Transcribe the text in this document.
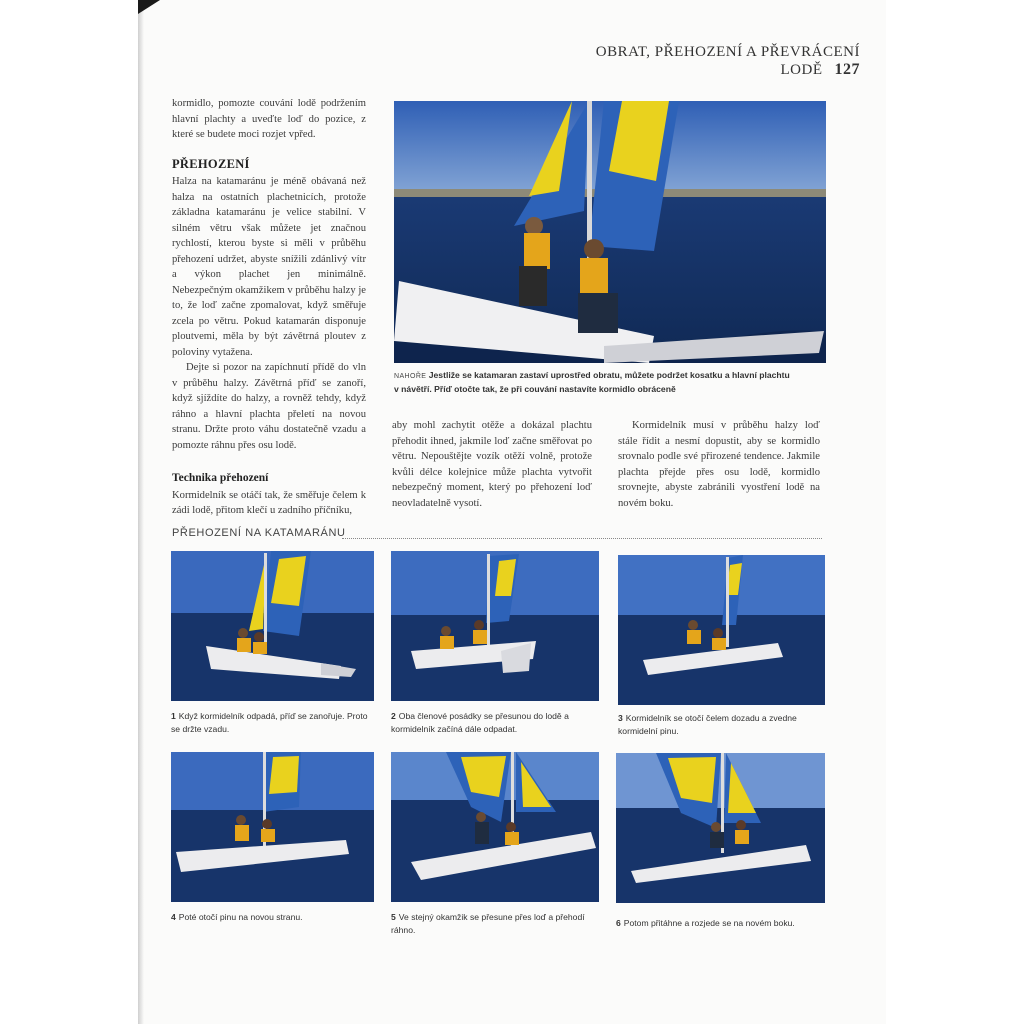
OBRAT, PŘEHOZENÍ A PŘEVRÁCENÍ LODĚ 127

kormidlo, pomozte couvání lodě podržením hlavní plachty a uveďte loď do pozice, z které se budete moci rozjet vpřed.

PŘEHOZENÍ

Halza na katamaránu je méně obávaná než halza na ostatních plachetnicích, protože základna katamaránu je velice stabilní. V silném větru však můžete jet značnou rychlostí, kterou byste si měli v průběhu přehození udržet, abyste snížili zdánlivý vítr a výkon plachet jen minimálně. Nebezpečným okamžikem v průběhu halzy je to, že loď začne zpomalovat, když směřuje zcela po větru. Pokud katamarán disponuje ploutvemi, měla by být závětrná ploutev z poloviny vytažena.

Dejte si pozor na zapíchnutí přídě do vln v průběhu halzy. Závětrná příď se zanoří, když sjíždíte do halzy, a rovněž tehdy, když ráhno a hlavní plachta přeletí na novou stranu. Držte proto váhu dostatečně vzadu a pomozte ráhnu přes osu lodě.

Technika přehození

Kormidelník se otáčí tak, že směřuje čelem k zádi lodě, přitom klečí u zadního příčníku,

NAHOŘE Jestliže se katamaran zastaví uprostřed obratu, můžete podržet kosatku a hlavní plachtu v návětří. Příď otočte tak, že při couvání nastavíte kormidlo obráceně

aby mohl zachytit otěže a dokázal plachtu přehodit ihned, jakmile loď začne směřovat po větru. Nepouštějte vozík otěží volně, protože kvůli délce kolejnice může plachta vytvořit nebezpečný moment, který po přehození loď neovladatelně vysotí.

Kormidelník musí v průběhu halzy loď stále řídit a nesmí dopustit, aby se kormidlo srovnalo podle své přirozené tendence. Jakmile plachta přejde přes osu lodě, kormidlo srovnejte, abyste zabránili vyostření lodě na novém boku.

PŘEHOZENÍ NA KATAMARÁNU
1 Když kormidelník odpadá, příď se zanořuje. Proto se držte vzadu.
2 Oba členové posádky se přesunou do lodě a kormidelník začíná dále odpadat.
3 Kormidelník se otočí čelem dozadu a zvedne kormidelní pinu.
4 Poté otočí pinu na novou stranu.	5 Ve stejný okamžik se přesune přes loď a přehodí ráhno.
6 Potom přitáhne a rozjede se na novém boku.
